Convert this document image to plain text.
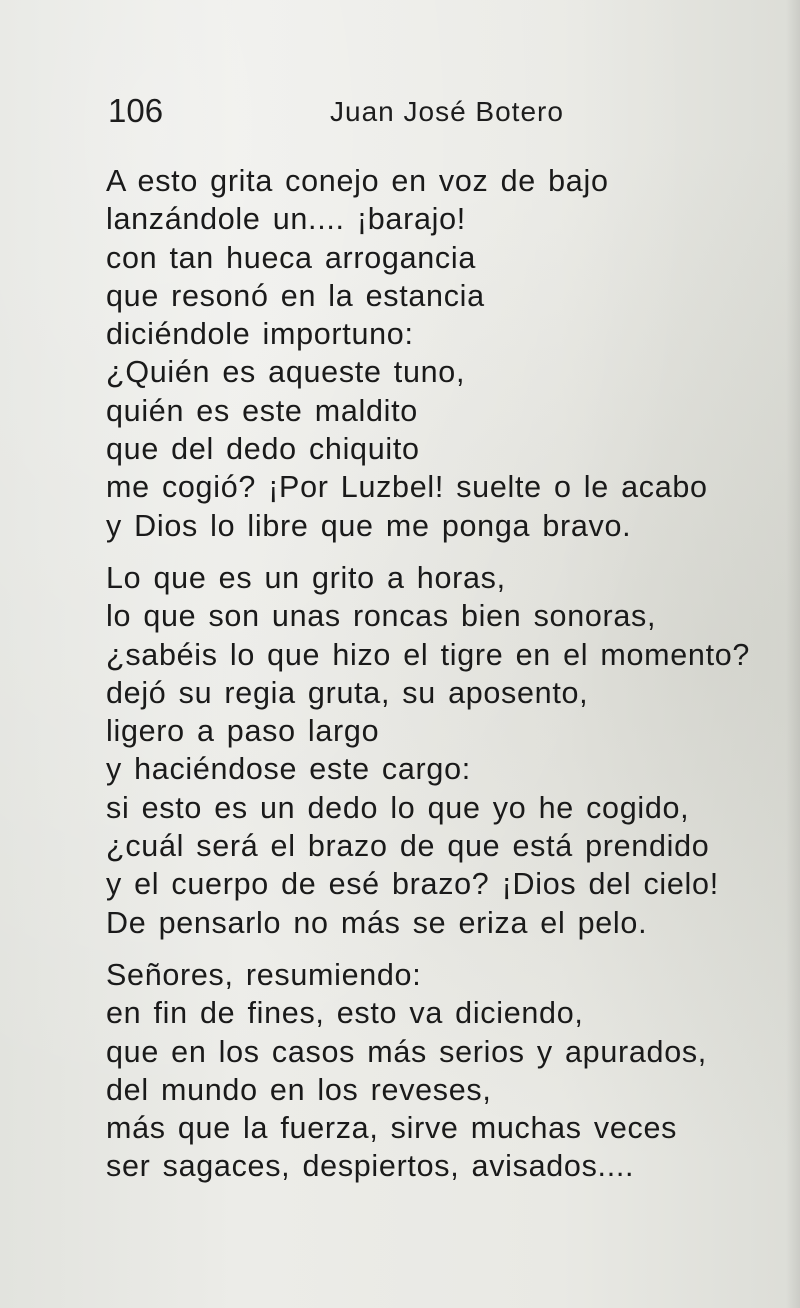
106	Juan José Botero
A esto grita conejo en voz de bajo
lanzándole un.... ¡barajo!
con tan hueca arrogancia
que resonó en la estancia
diciéndole importuno:
¿Quién es aqueste tuno,
quién es este maldito
que del dedo chiquito
me cogió? ¡Por Luzbel! suelte o le acabo
y Dios lo libre que me ponga bravo.
Lo que es un grito a horas,
lo que son unas roncas bien sonoras,
¿sabéis lo que hizo el tigre en el momento?
dejó su regia gruta, su aposento,
ligero a paso largo
y haciéndose este cargo:
si esto es un dedo lo que yo he cogido,
¿cuál será el brazo de que está prendido
y el cuerpo de esé brazo? ¡Dios del cielo!
De pensarlo no más se eriza el pelo.
Señores, resumiendo:
en fin de fines, esto va diciendo,
que en los casos más serios y apurados,
del mundo en los reveses,
más que la fuerza, sirve muchas veces
ser sagaces, despiertos, avisados....
